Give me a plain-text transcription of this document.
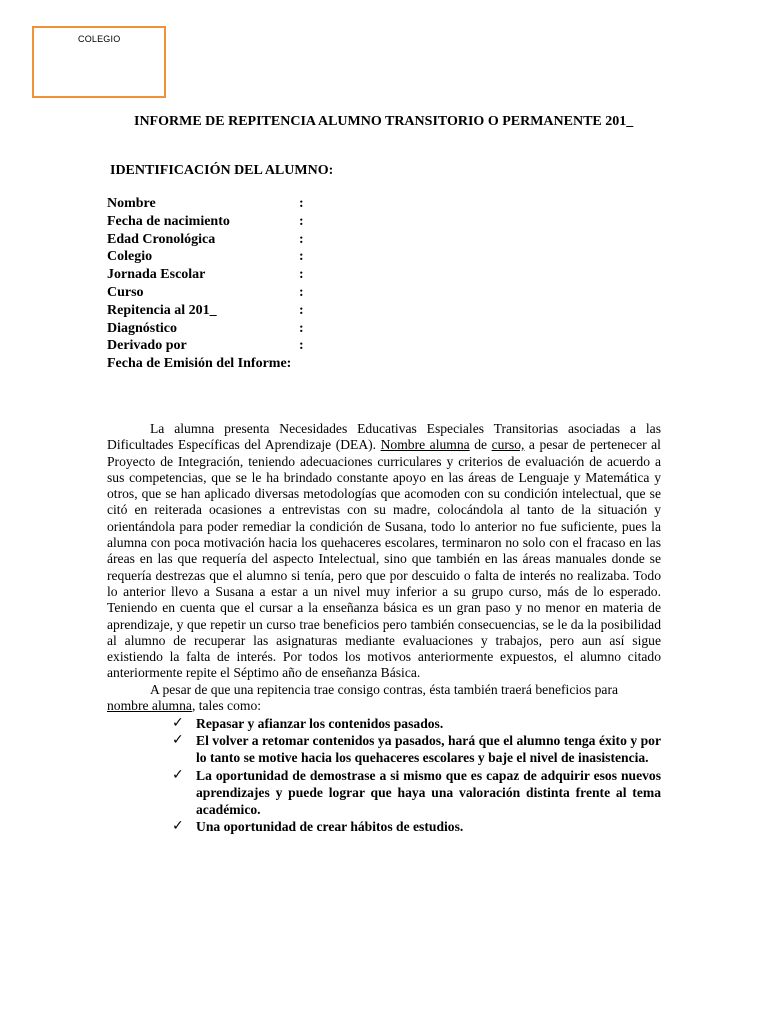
COLEGIO
INFORME DE REPITENCIA ALUMNO TRANSITORIO O PERMANENTE 201_
IDENTIFICACIÓN DEL ALUMNO:
Nombre	:
Fecha de nacimiento	:
Edad Cronológica	:
Colegio	:
Jornada Escolar	:
Curso	:
Repitencia al 201_	:
Diagnóstico	:
Derivado por	:
Fecha de Emisión del Informe:

La alumna presenta Necesidades Educativas Especiales Transitorias asociadas a las Dificultades Específicas del Aprendizaje (DEA). Nombre alumna de curso, a pesar de pertenecer al Proyecto de Integración, teniendo adecuaciones curriculares y criterios de evaluación de acuerdo a sus competencias, que se le ha brindado constante apoyo en las áreas de Lenguaje y Matemática y otros, que se han aplicado diversas metodologías que acomoden con su condición intelectual, que se citó en reiterada ocasiones a entrevistas con su madre, colocándola al tanto de la situación y orientándola para poder remediar la condición de Susana, todo lo anterior no fue suficiente, pues la alumna con poca motivación hacia los quehaceres escolares, terminaron no solo con el fracaso en las áreas en las que requería del aspecto Intelectual, sino que también en las áreas manuales donde se requería destrezas que el alumno si tenía, pero que por descuido o falta de interés no realizaba. Todo lo anterior llevo a Susana a estar a un nivel muy inferior a su grupo curso, más de lo esperado. Teniendo en cuenta que el cursar a la enseñanza básica es un gran paso y no menor en materia de aprendizaje, y que repetir un curso trae beneficios pero también consecuencias, se le da la posibilidad al alumno de recuperar las asignaturas mediante evaluaciones y trabajos, pero aun así sigue existiendo la falta de interés. Por todos los motivos anteriormente expuestos, el alumno citado anteriormente repite el Séptimo año de enseñanza Básica.

A pesar de que una repitencia trae consigo contras, ésta también traerá beneficios para
nombre alumna, tales como:

✓ Repasar y afianzar los contenidos pasados.
✓ El volver a retomar contenidos ya pasados, hará que el alumno tenga éxito y por lo tanto se motive hacia los quehaceres escolares y baje el nivel de inasistencia.
✓ La oportunidad de demostrase a si mismo que es capaz de adquirir esos nuevos aprendizajes y puede lograr que haya una valoración distinta frente al tema académico.
✓ Una oportunidad de crear hábitos de estudios.
